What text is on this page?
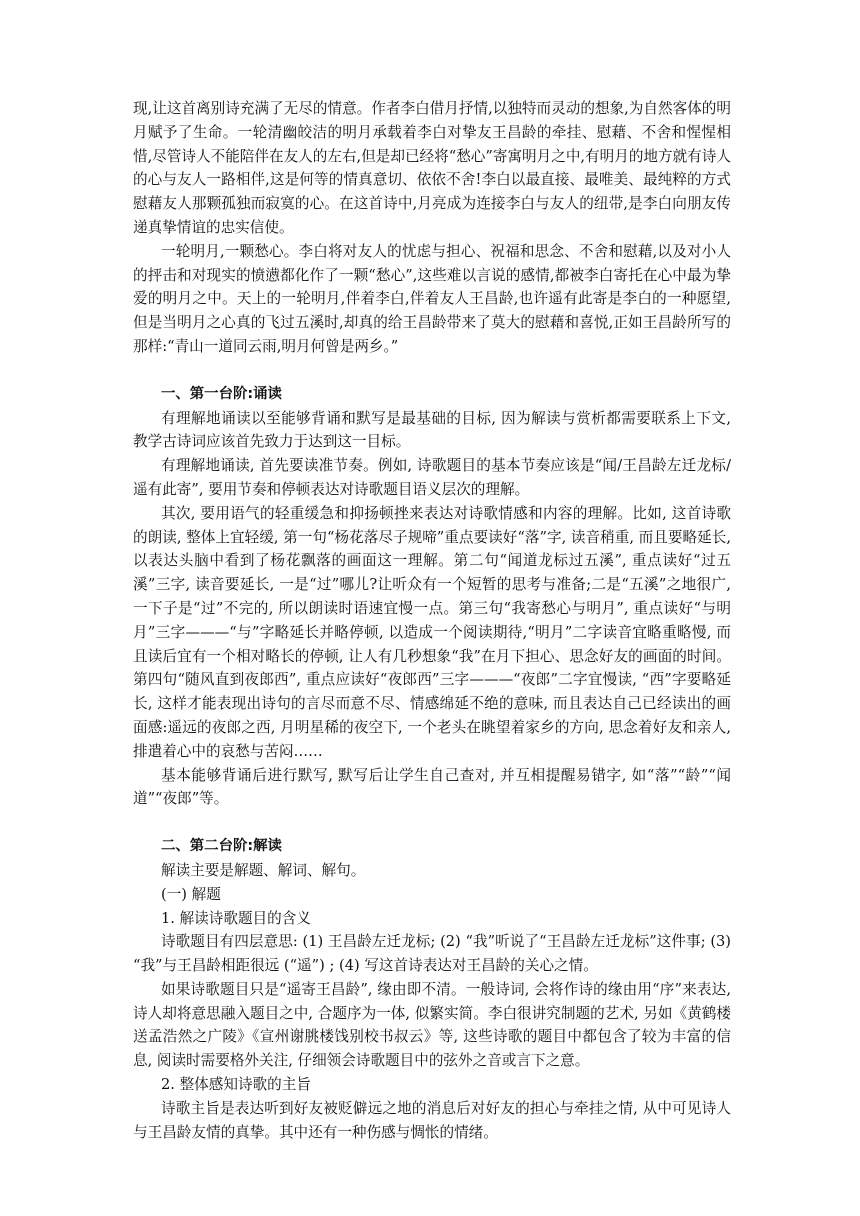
现,让这首离别诗充满了无尽的情意。作者李白借月抒情,以独特而灵动的想象,为自然客体的明月赋予了生命。一轮清幽皎洁的明月承载着李白对挚友王昌龄的牵挂、慰藉、不舍和惺惺相惜,尽管诗人不能陪伴在友人的左右,但是却已经将“愁心”寄寓明月之中,有明月的地方就有诗人的心与友人一路相伴,这是何等的情真意切、依依不舍!李白以最直接、最唯美、最纯粹的方式慰藉友人那颗孤独而寂寞的心。在这首诗中,月亮成为连接李白与友人的纽带,是李白向朋友传递真挚情谊的忠实信使。

一轮明月,一颗愁心。李白将对友人的忧虑与担心、祝福和思念、不舍和慰藉,以及对小人的抨击和对现实的愤懑都化作了一颗“愁心”,这些难以言说的感情,都被李白寄托在心中最为挚爱的明月之中。天上的一轮明月,伴着李白,伴着友人王昌龄,也许遥有此寄是李白的一种愿望,但是当明月之心真的飞过五溪时,却真的给王昌龄带来了莫大的慰藉和喜悦,正如王昌龄所写的那样:“青山一道同云雨,明月何曾是两乡。”

一、第一台阶:诵读

有理解地诵读以至能够背诵和默写是最基础的目标, 因为解读与赏析都需要联系上下文, 教学古诗词应该首先致力于达到这一目标。

有理解地诵读, 首先要读准节奏。例如, 诗歌题目的基本节奏应该是“闻/王昌龄左迁龙标/遥有此寄”, 要用节奏和停顿表达对诗歌题目语义层次的理解。

其次, 要用语气的轻重缓急和抑扬顿挫来表达对诗歌情感和内容的理解。比如, 这首诗歌的朗读, 整体上宜轻缓, 第一句“杨花落尽子规啼”重点要读好“落”字, 读音稍重, 而且要略延长, 以表达头脑中看到了杨花飘落的画面这一理解。第二句“闻道龙标过五溪”, 重点读好“过五溪”三字, 读音要延长, 一是“过”哪儿?让听众有一个短暂的思考与准备;二是“五溪”之地很广, 一下子是“过”不完的, 所以朗读时语速宜慢一点。第三句“我寄愁心与明月”, 重点读好“与明月”三字———“与”字略延长并略停顿, 以造成一个阅读期待,“明月”二字读音宜略重略慢, 而且读后宜有一个相对略长的停顿, 让人有几秒想象“我”在月下担心、思念好友的画面的时间。第四句“随风直到夜郎西”, 重点应读好“夜郎西”三字———“夜郎”二字宜慢读, “西”字要略延长, 这样才能表现出诗句的言尽而意不尽、情感绵延不绝的意味, 而且表达自己已经读出的画面感:遥远的夜郎之西, 月明星稀的夜空下, 一个老头在眺望着家乡的方向, 思念着好友和亲人, 排遣着心中的哀愁与苦闷……

基本能够背诵后进行默写, 默写后让学生自己查对, 并互相提醒易错字, 如“落”“龄”“闻道”“夜郎”等。

二、第二台阶:解读

解读主要是解题、解词、解句。

(一) 解题

1. 解读诗歌题目的含义

诗歌题目有四层意思: (1) 王昌龄左迁龙标; (2) “我”听说了“王昌龄左迁龙标”这件事; (3) “我”与王昌龄相距很远 (“遥”) ; (4) 写这首诗表达对王昌龄的关心之情。

如果诗歌题目只是“遥寄王昌龄”, 缘由即不清。一般诗词, 会将作诗的缘由用“序”来表达, 诗人却将意思融入题目之中, 合题序为一体, 似繁实简。李白很讲究制题的艺术, 另如《黄鹤楼送孟浩然之广陵》《宣州谢朓楼饯别校书叔云》等, 这些诗歌的题目中都包含了较为丰富的信息, 阅读时需要格外关注, 仔细领会诗歌题目中的弦外之音或言下之意。

2. 整体感知诗歌的主旨

诗歌主旨是表达听到好友被贬僻远之地的消息后对好友的担心与牵挂之情, 从中可见诗人与王昌龄友情的真挚。其中还有一种伤感与惆怅的情绪。
